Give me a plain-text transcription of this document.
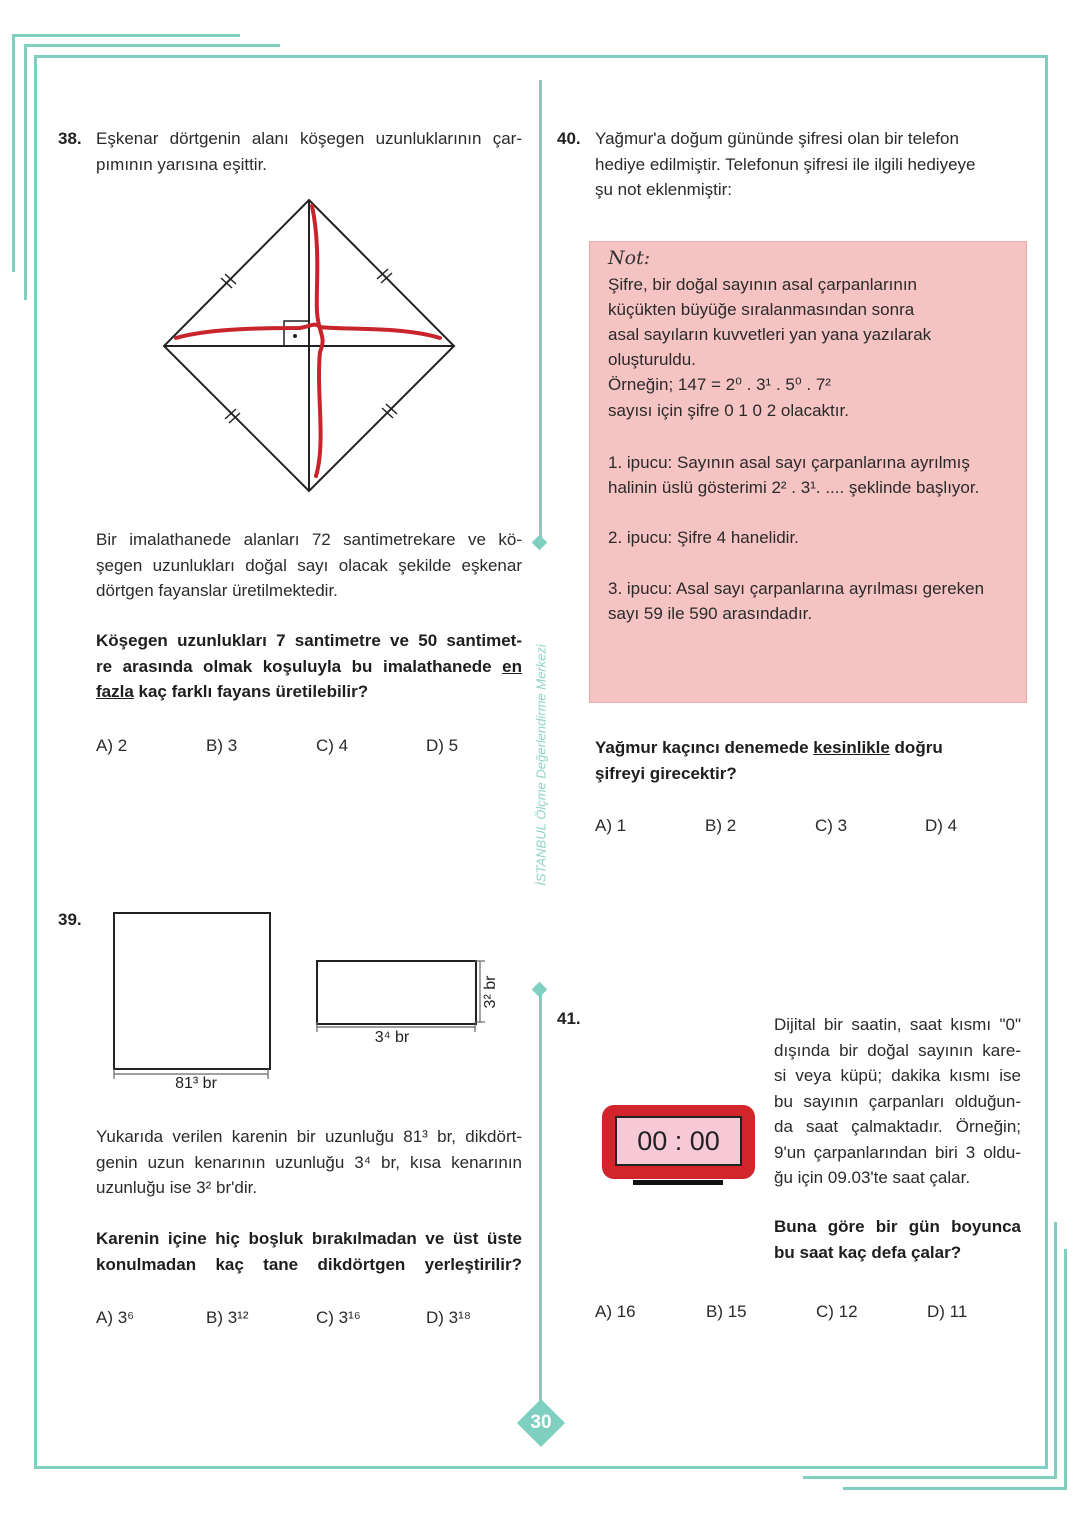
İSTANBUL Ölçme Değerlendirme Merkezi
38. Eşkenar dörtgenin alanı köşegen uzunluklarının çar-
pımının yarısına eşittir.
Bir imalathanede alanları 72 santimetrekare ve kö-
şegen uzunlukları doğal sayı olacak şekilde eşkenar
dörtgen fayanslar üretilmektedir.
Köşegen uzunlukları 7 santimetre ve 50 santimet-
re arasında olmak koşuluyla bu imalathanede en
fazla kaç farklı fayans üretilebilir?
A) 2	B) 3	C) 4	D) 5
39.
81³ br
3⁴ br
3² br
Yukarıda verilen karenin bir uzunluğu 81³ br, dikdört-
genin uzun kenarının uzunluğu 3⁴ br, kısa kenarının
uzunluğu ise 3² br'dir.
Karenin içine hiç boşluk bırakılmadan ve üst üste
konulmadan kaç tane dikdörtgen yerleştirilir?
A) 3⁶	B) 3¹²	C) 3¹⁶	D) 3¹⁸
40. Yağmur'a doğum gününde şifresi olan bir telefon
hediye edilmiştir. Telefonun şifresi ile ilgili hediyeye
şu not eklenmiştir:
Not:
Şifre, bir doğal sayının asal çarpanlarının
küçükten büyüğe sıralanmasından sonra
asal sayıların kuvvetleri yan yana yazılarak
oluşturuldu.
Örneğin; 147 = 2⁰ . 3¹ . 5⁰ . 7²
sayısı için şifre 0 1 0 2 olacaktır.
1. ipucu: Sayının asal sayı çarpanlarına ayrılmış
halinin üslü gösterimi 2² . 3¹. .... şeklinde başlıyor.
2. ipucu: Şifre 4 hanelidir.
3. ipucu: Asal sayı çarpanlarına ayrılması gereken
sayı 59 ile 590 arasındadır.
Yağmur kaçıncı denemede kesinlikle doğru
şifreyi girecektir?
A) 1	B) 2	C) 3	D) 4
41.
00 : 00
Dijital bir saatin, saat kısmı "0"
dışında bir doğal sayının kare-
si veya küpü; dakika kısmı ise
bu sayının çarpanları olduğun-
da saat çalmaktadır. Örneğin;
9'un çarpanlarından biri 3 oldu-
ğu için 09.03'te saat çalar.
Buna göre bir gün boyunca
bu saat kaç defa çalar?
A) 16	B) 15	C) 12	D) 11
30
